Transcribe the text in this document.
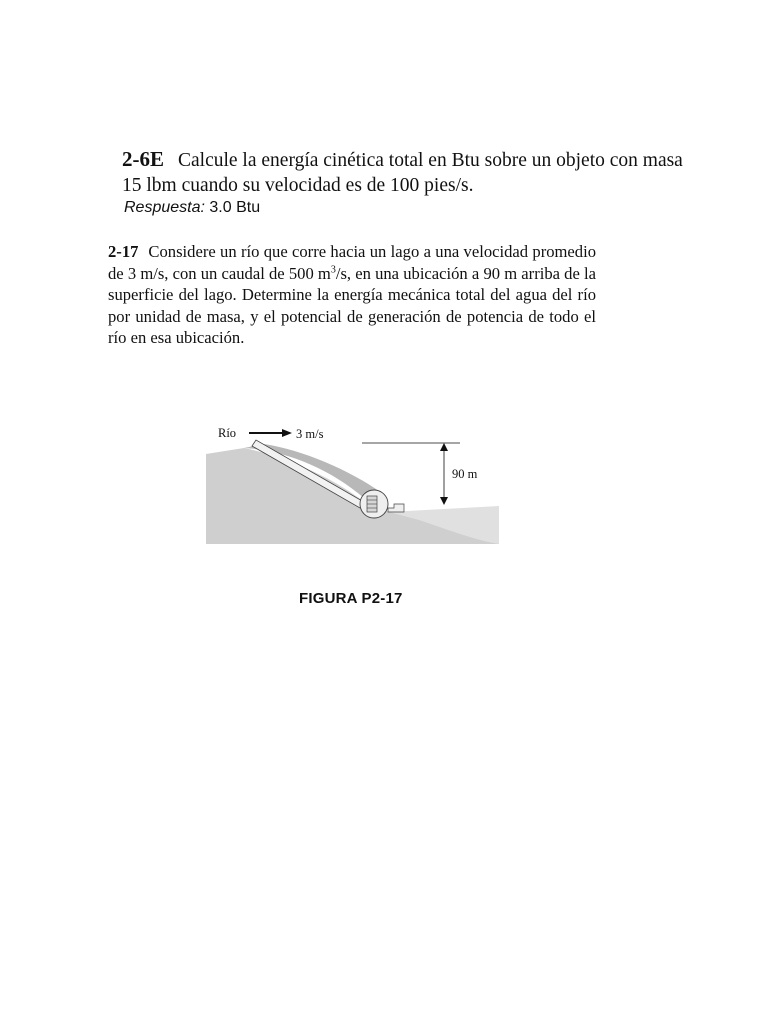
2-6E Calcule la energía cinética total en Btu sobre un objeto con masa 15 lbm cuando su velocidad es de 100 pies/s.
Respuesta: 3.0 Btu
2-17 Considere un río que corre hacia un lago a una velocidad promedio de 3 m/s, con un caudal de 500 $m^3/s$, en una ubicación a 90 m arriba de la superficie del lago. Determine la energía mecánica total del agua del río por unidad de masa, y el potencial de generación de potencia de todo el río en esa ubicación.
Río	3 m/s
90 m
FIGURA P2-17
